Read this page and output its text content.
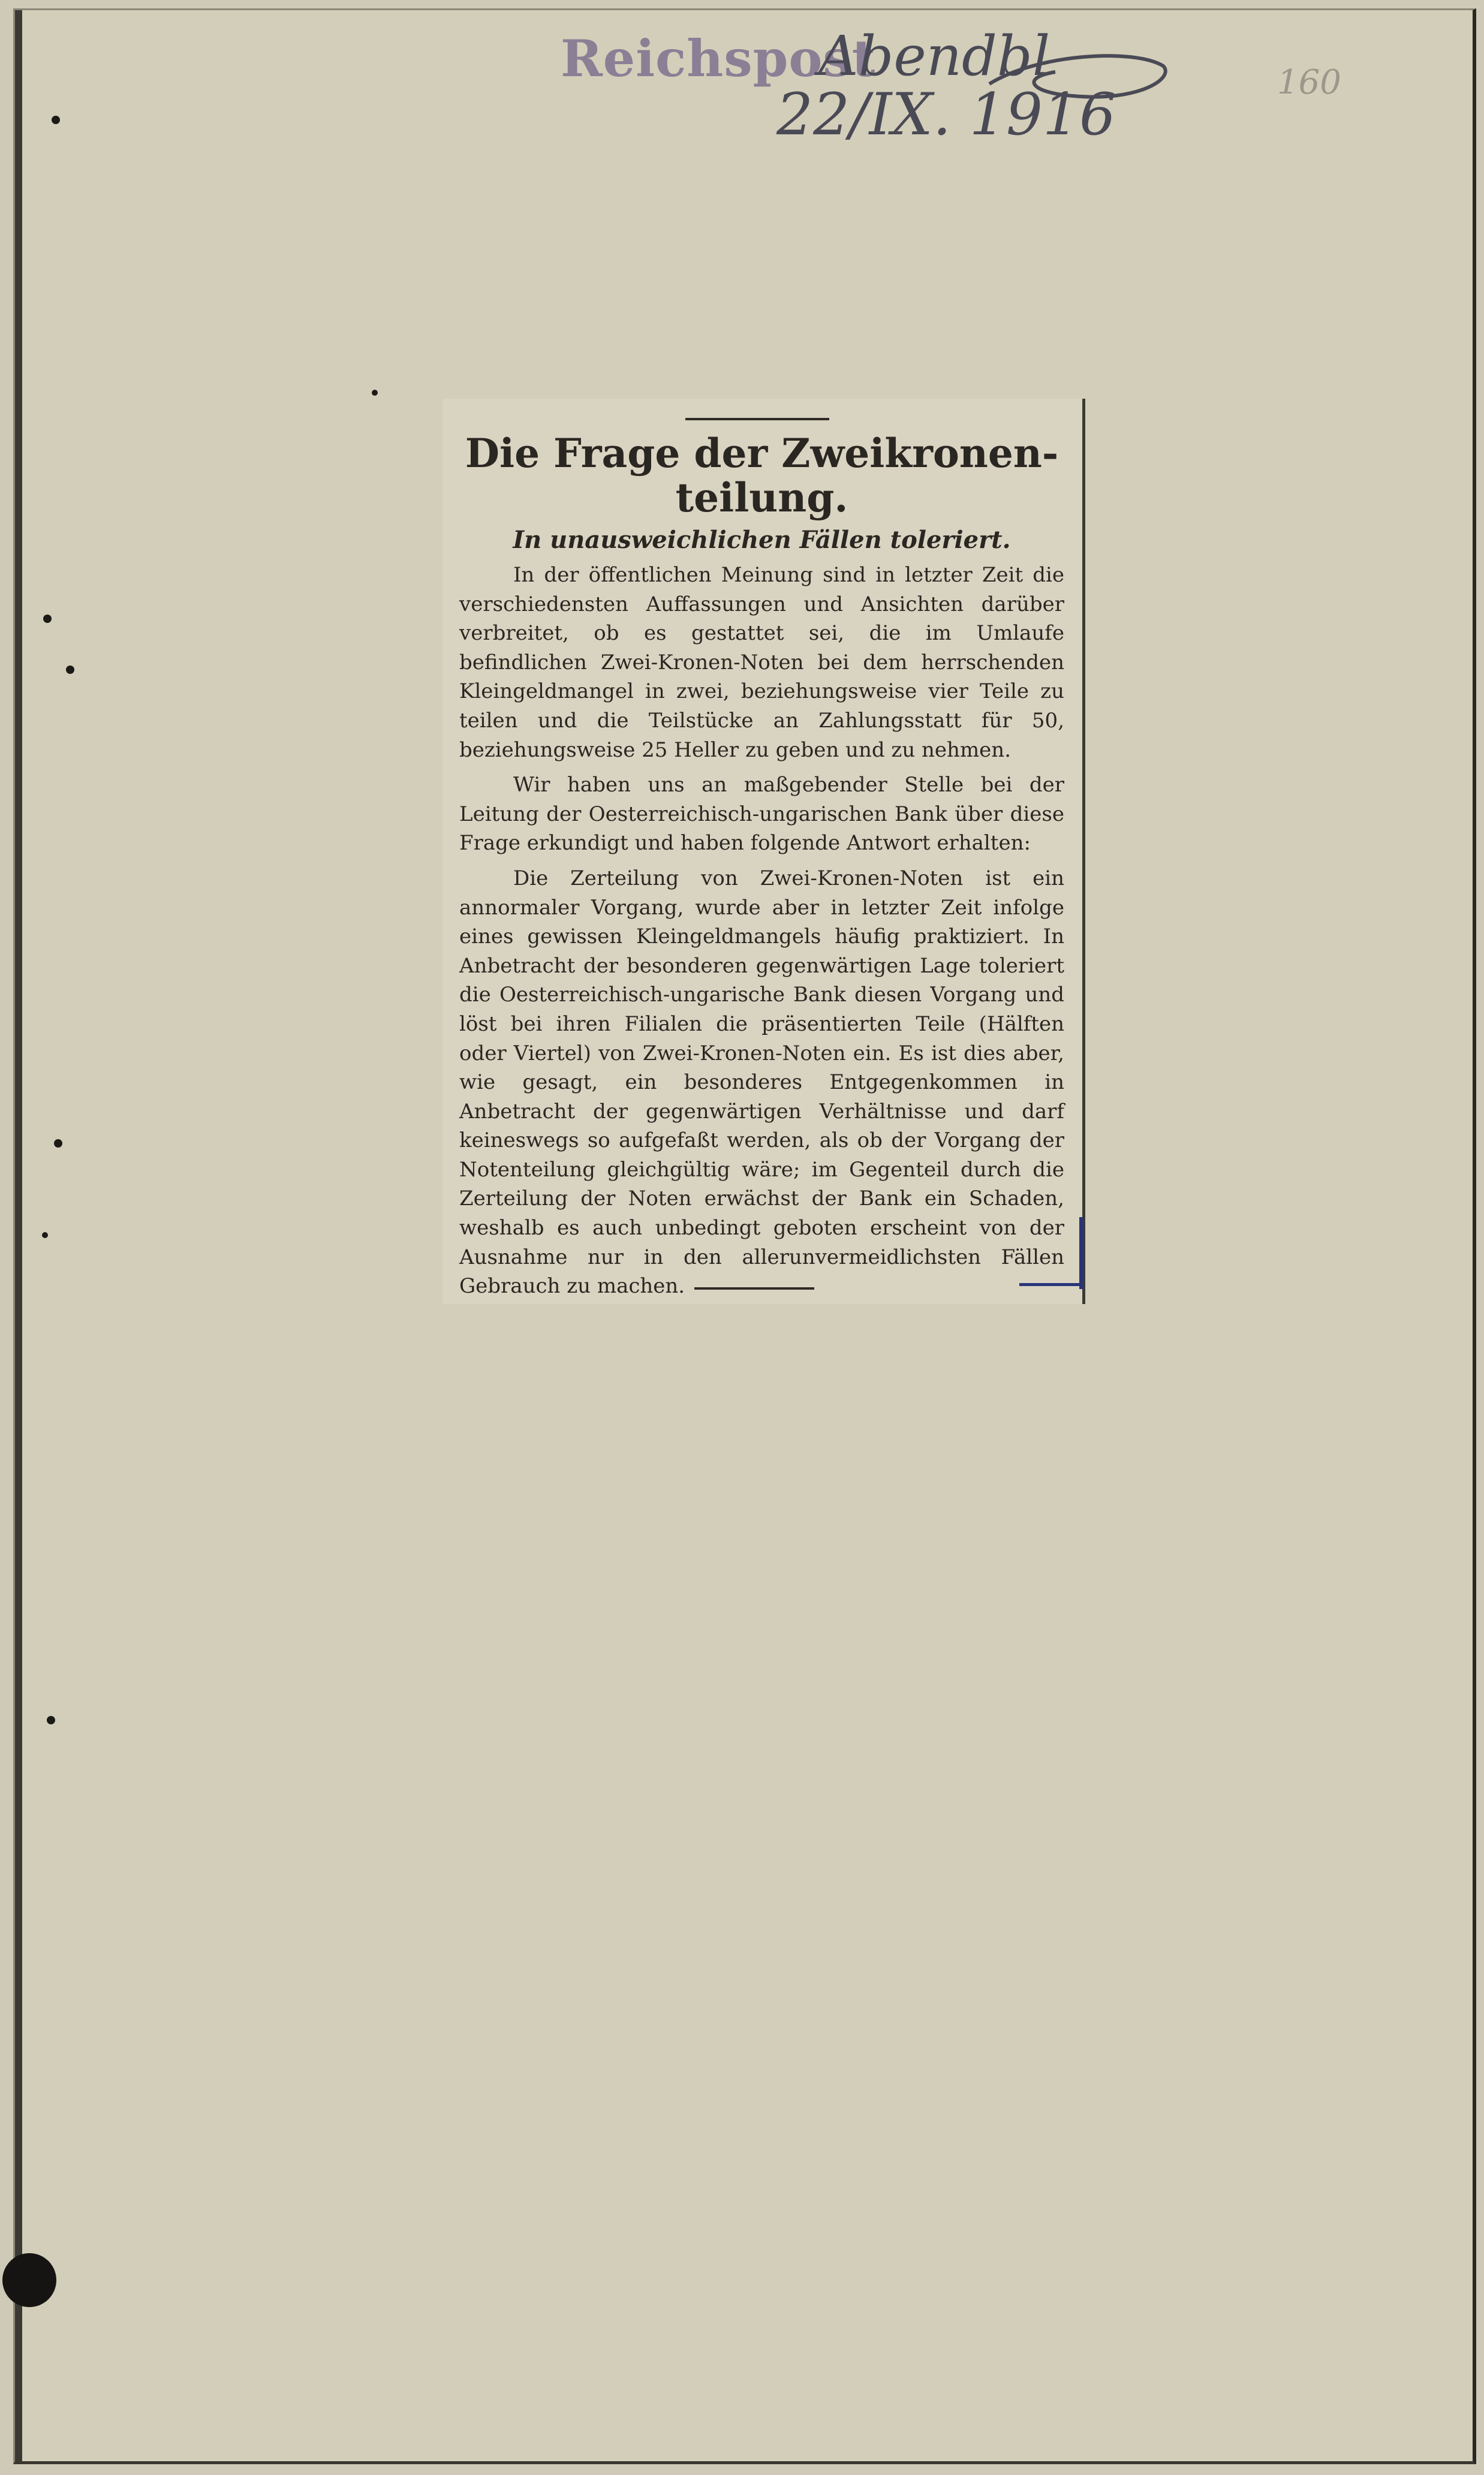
Reichspost
Abendbl
22/IX. 1916	160
Die Frage der Zweikronen-
teilung.
In unausweichlichen Fällen toleriert.

In der öffentlichen Meinung sind in letzter Zeit die verschiedensten Auffassungen und Ansichten darüber verbreitet, ob es gestattet sei, die im Umlaufe befindlichen Zwei-Kronen-Noten bei dem herrschenden Kleingeldmangel in zwei, beziehungsweise vier Teile zu teilen und die Teilstücke an Zahlungsstatt für 50, beziehungsweise 25 Heller zu geben und zu nehmen.

Wir haben uns an maßgebender Stelle bei der Leitung der Oesterreichisch-ungarischen Bank über diese Frage erkundigt und haben folgende Antwort erhalten:

Die Zerteilung von Zwei-Kronen-Noten ist ein annormaler Vorgang, wurde aber in letzter Zeit infolge eines gewissen Kleingeldmangels häufig praktiziert. In Anbetracht der besonderen gegenwärtigen Lage toleriert die Oesterreichisch-ungarische Bank diesen Vorgang und löst bei ihren Filialen die präsentierten Teile (Hälften oder Viertel) von Zwei-Kronen-Noten ein. Es ist dies aber, wie gesagt, ein besonderes Entgegenkommen in Anbetracht der gegenwärtigen Verhältnisse und darf keineswegs so aufgefaßt werden, als ob der Vorgang der Notenteilung gleichgültig wäre; im Gegenteil durch die Zerteilung der Noten erwächst der Bank ein Schaden, weshalb es auch unbedingt geboten erscheint von der Ausnahme nur in den allerunvermeidlichsten Fällen Gebrauch zu machen.
